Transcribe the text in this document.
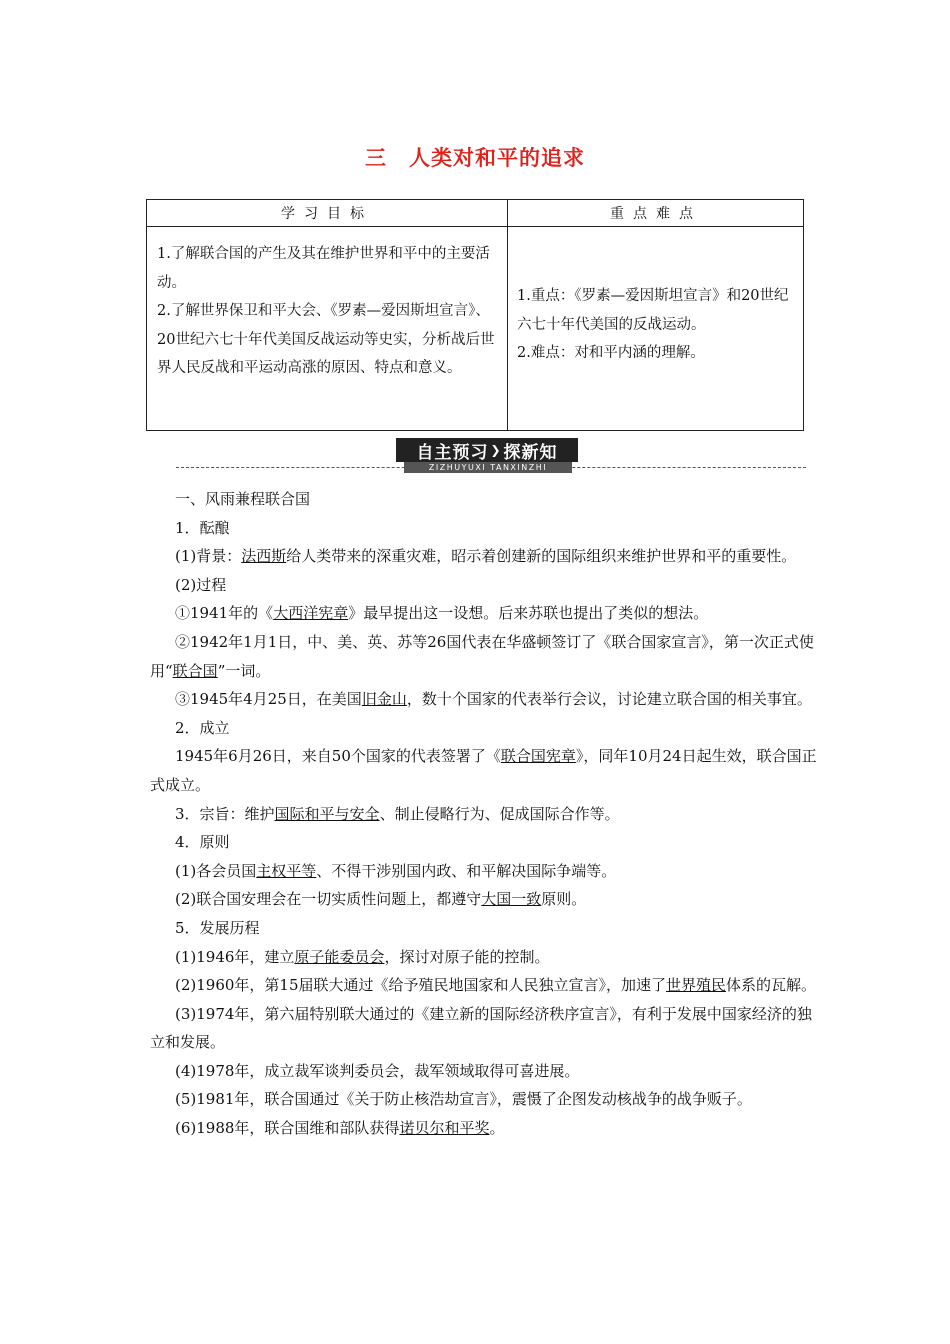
三　人类对和平的追求
学习目标	重点难点
1.了解联合国的产生及其在维护世界和平中的主要活动。
2.了解世界保卫和平大会、《罗素—爱因斯坦宣言》、20世纪六七十年代美国反战运动等史实，分析战后世界人民反战和平运动高涨的原因、特点和意义。
1.重点：《罗素—爱因斯坦宣言》和20世纪六七十年代美国的反战运动。
2.难点：对和平内涵的理解。
自主预习 ❯ 探新知
ZIZHUYUXI TANXINZHI

一、风雨兼程联合国

1．酝酿

(1)背景：法西斯给人类带来的深重灾难，昭示着创建新的国际组织来维护世界和平的重要性。

(2)过程

①1941年的《大西洋宪章》最早提出这一设想。后来苏联也提出了类似的想法。

②1942年1月1日，中、美、英、苏等26国代表在华盛顿签订了《联合国家宣言》，第一次正式使用“联合国”一词。

③1945年4月25日，在美国旧金山，数十个国家的代表举行会议，讨论建立联合国的相关事宜。

2．成立

1945年6月26日，来自50个国家的代表签署了《联合国宪章》，同年10月24日起生效，联合国正式成立。

3．宗旨：维护国际和平与安全、制止侵略行为、促成国际合作等。

4．原则

(1)各会员国主权平等、不得干涉别国内政、和平解决国际争端等。

(2)联合国安理会在一切实质性问题上，都遵守大国一致原则。

5．发展历程

(1)1946年，建立原子能委员会，探讨对原子能的控制。

(2)1960年，第15届联大通过《给予殖民地国家和人民独立宣言》，加速了世界殖民体系的瓦解。

(3)1974年，第六届特别联大通过的《建立新的国际经济秩序宣言》，有利于发展中国家经济的独立和发展。

(4)1978年，成立裁军谈判委员会，裁军领域取得可喜进展。

(5)1981年，联合国通过《关于防止核浩劫宣言》，震慑了企图发动核战争的战争贩子。

(6)1988年，联合国维和部队获得诺贝尔和平奖。
